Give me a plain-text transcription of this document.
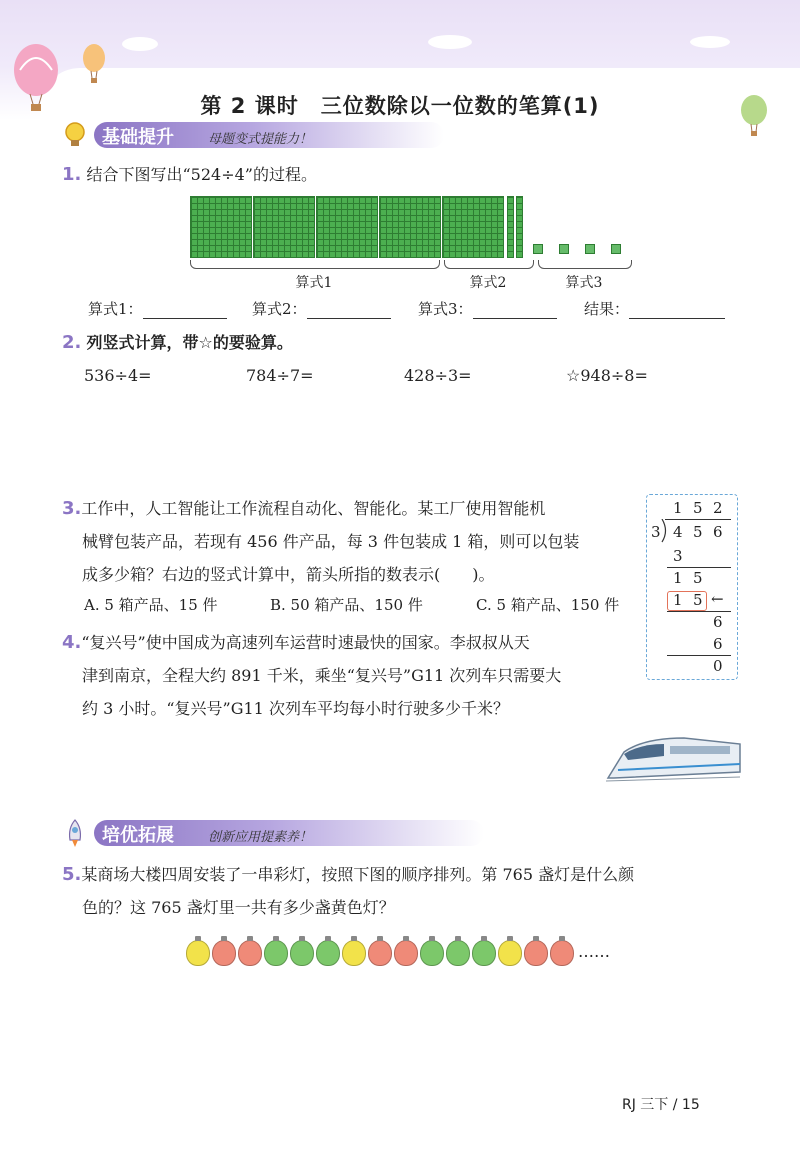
第 2 课时　三位数除以一位数的笔算(1)
基础提升	母题变式提能力！
1. 结合下图写出“524÷4”的过程。
算式1	算式2	算式3
算式1：	算式2：	算式3：	结果：
2. 列竖式计算，带☆的要验算。
536÷4=	784÷7=	428÷3=	☆948÷8=
3.工作中，人工智能让工作流程自动化、智能化。某工厂使用智能机
械臂包装产品，若现有 456 件产品，每 3 件包装成 1 箱，则可以包装
成多少箱？右边的竖式计算中，箭头所指的数表示(　　)。
A. 5 箱产品、15 件	B. 50 箱产品、150 件	C. 5 箱产品、150 件
1 5 2
3 4 5 6
3
1 5
1 5 ←
6
6
0
4.“复兴号”使中国成为高速列车运营时速最快的国家。李叔叔从天
津到南京，全程大约 891 千米，乘坐“复兴号”G11 次列车只需要大
约 3 小时。“复兴号”G11 次列车平均每小时行驶多少千米？
培优拓展	创新应用提素养！
5.某商场大楼四周安装了一串彩灯，按照下图的顺序排列。第 765 盏灯是什么颜
色的？这 765 盏灯里一共有多少盏黄色灯？
……
RJ 三下 / 15
